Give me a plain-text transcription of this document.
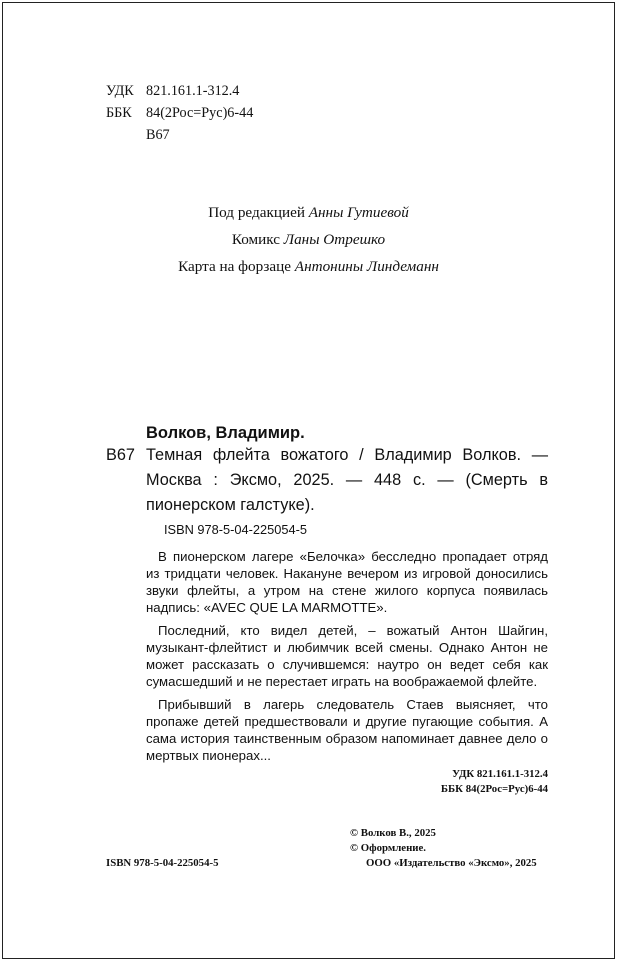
УДК 821.161.1-312.4
ББК 84(2Рос=Рус)6-44
В67
Под редакцией Анны Гутиевой
Комикс Ланы Отрешко
Карта на форзаце Антонины Линдеманн
Волков, Владимир.
В67 Темная флейта вожатого / Владимир Волков. — Москва : Эксмо, 2025. — 448 с. — (Смерть в пионерском галстуке).
ISBN 978-5-04-225054-5

В пионерском лагере «Белочка» бесследно пропадает отряд из тридцати человек. Накануне вечером из игровой доносились звуки флейты, а утром на стене жилого корпуса появилась надпись: «AVEC QUE LA MARMOTTE».

Последний, кто видел детей, – вожатый Антон Шайгин, музыкант-флейтист и любимчик всей смены. Однако Антон не может рассказать о случившемся: наутро он ведет себя как сумасшедший и не перестает играть на воображаемой флейте.

Прибывший в лагерь следователь Стаев выясняет, что пропаже детей предшествовали и другие пугающие события. А сама история таинственным образом напоминает давнее дело о мертвых пионерах...

УДК 821.161.1-312.4
ББК 84(2Рос=Рус)6-44
© Волков В., 2025
© Оформление.
ООО «Издательство «Эксмо», 2025
ISBN 978-5-04-225054-5
